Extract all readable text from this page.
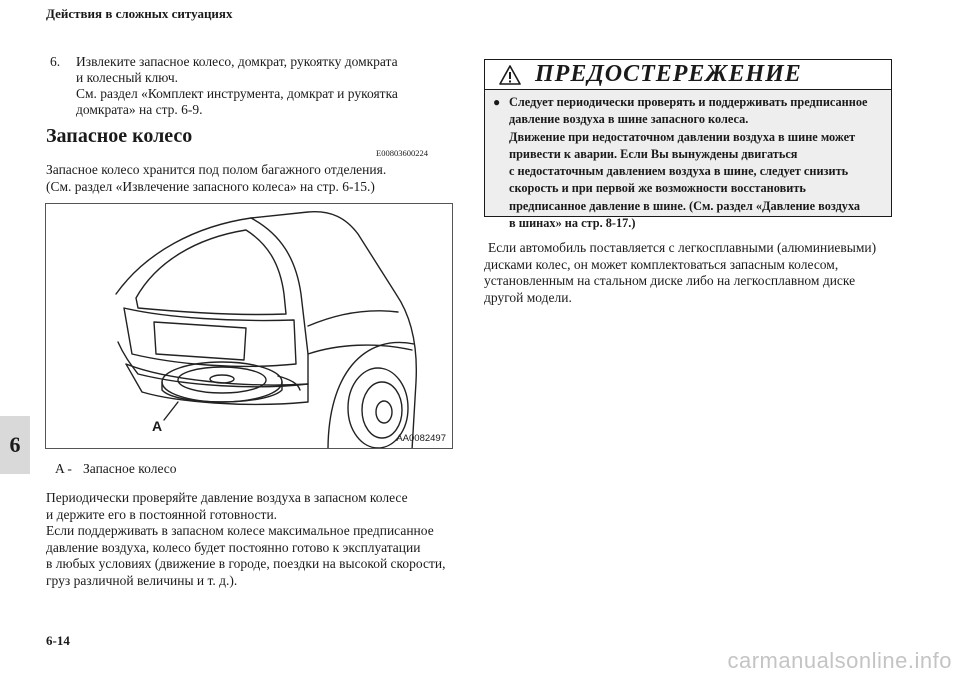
Действия в сложных ситуациях
6
6.	Извлеките запасное колесо, домкрат, рукоятку домкрата
и колесный ключ.
См. раздел «Комплект инструмента, домкрат и рукоятка
домкрата» на стр. 6-9.
Запасное колесо
E00803600224
Запасное колесо хранится под полом багажного отделения.
(См. раздел «Извлечение запасного колеса» на стр. 6-15.)
A
AA0082497
A - Запасное колесо
Периодически проверяйте давление воздуха в запасном колесе
и держите его в постоянной готовности.
Если поддерживать в запасном колесе максимальное предписанное
давление воздуха, колесо будет постоянно готово к эксплуатации
в любых условиях (движение в городе, поездки на высокой скорости,
груз различной величины и т. д.).
ПРЕДОСТЕРЕЖЕНИЕ
● Следует периодически проверять и поддерживать предписанное
давление воздуха в шине запасного колеса.
Движение при недостаточном давлении воздуха в шине может
привести к аварии. Если Вы вынуждены двигаться
с недостаточным давлением воздуха в шине, следует снизить
скорость и при первой же возможности восстановить
предписанное давление в шине. (См. раздел «Давление воздуха
в шинах» на стр. 8-17.)
Если автомобиль поставляется с легкосплавными (алюминиевыми)
дисками колес, он может комплектоваться запасным колесом,
установленным на стальном диске либо на легкосплавном диске
другой модели.
6-14
carmanualsonline.info
